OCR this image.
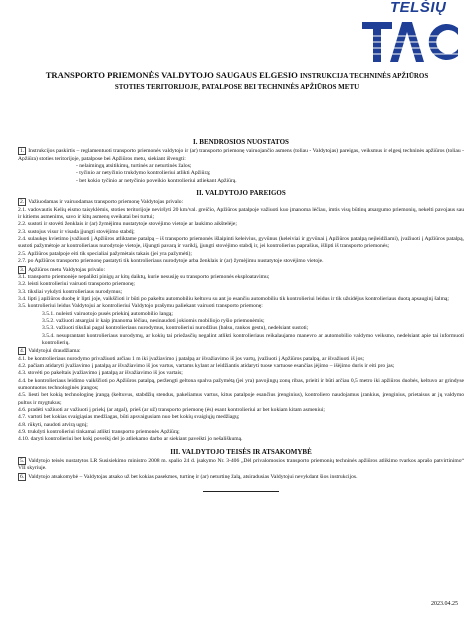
TELŠIŲ
TRANSPORTO PRIEMONĖS VALDYTOJO SAUGAUS ELGESIO INSTRUKCIJA TECHNINĖS APŽIŪROS
STOTIES TERITORIJOJE, PATALPOSE BEI TECHNINĖS APŽIŪROS METU
I. BENDROSIOS NUOSTATOS
1. Instrukcijos paskirtis – reglamentuoti transporto priemonės valdytojo ir (ar) transporto priemonę vairuojančio asmens (toliau - Valdytojas) pareigas, veiksmus ir elgesį techninės apžiūros (toliau - Apžiūra) stoties teritorijoje, patalpose bei Apžiūros metu, siekiant išvengti:
- nelaimingų atsitikimų, turtinės ar neturtinės žalos;
- tyčinio ar netyčinio trukdymo kontrolieriui atlikti Apžiūrą;
- bet kokio tyčinio ar netyčinio poveikio kontrolieriui atliekant Apžiūrą.
II. VALDYTOJO PAREIGOS
2. Važiuodamas ir vairuodamas transporto priemonę Valdytojas privalo:
2.1. vadovautis Kelių eismo taisyklėmis, stoties teritorijoje neviršyti 20 km/val. greičio, Apžiūros patalpoje važiuoti kuo įmanoma lėčiau, imtis visų būtinų atsargumo priemonių, nekelti pavojaus sau ir kitiems asmenims, savo ir kitų asmenų sveikatai bei turtui;
2.2. sustoti ir stovėti ženklais ir (ar) žymėjimu nustatytoje stovėjimo vietoje ar laukimo aikštelėje;
2.3. sustojus visur ir visada įjungti stovėjimo stabdį;
2.4. sulaukęs kvietimo įvažiuoti į Apžiūros atliktame patalpą – iš transporto priemonės išlaipinti keleivius, gyvūnus (keleiviai ir gyvūnai į Apžiūros patalpą neįleidžiami), įvažiuoti į Apžiūros patalpą, sustoti pažymėtoje ar kontrolieriaus nurodytoje vietoje, išjungti pavarą ir variklį, įjungti stovėjimo stabdį ir, jei kontrolierius paprašius, išlipti iš transporto priemonės;
2.5. Apžiūros patalpoje eiti tik specialiai pažymėtais takais (jei yra pažymėti);
2.7. po Apžiūros transporto priemonę pastatyti tik kontrolieriaus nurodytoje arba ženklais ir (ar) žymėjimu nustatytoje stovėjimo vietoje.
3. Apžiūros metu Valdytojas privalo:
3.1. transporto priemonėje nepalikti pinigų ar kitų daiktų, kurie nesusiję su transporto priemonės eksploatavimu;
3.2. leisti kontrolieriui vairuoti transporto priemonę;
3.3. tiksliai vykdyti kontrolieriaus nurodymus;
3.4. lipti į apžiūros duobę ir lipti joje, vaikščioti ir būti po pakeltu automobiliu keltuvu su ant jo esančiu automobiliu tik kontrolieriui leidus ir tik užsidėjus kontrolieriaus duotą apsauginį šalmą;
3.5. kontrolieriui leidus Valdytojui ar kontrolieriui Valdytojo prašymu paliekant vairuoti transporto priemonę:
3.5.1. nuleisti vairuotojo pusės priekinį automobilio langą;
3.5.2. važiuoti atsargiai ir kaip įmanoma lėčiau, nesinaudoti jokiomis mobiliojo ryšio priemonėmis;
3.5.3. važiuoti tiksliai pagal kontrolieriaus nurodymus, kontrolieriui nurodžius (balsu, rankos gestu), nedelsiant sustoti;
3.5.4. nesuprantant kontrolieriaus nurodymų, ar kokių tai priežasčių negalint atlikti kontrolieriaus reikalaujamo manevro ar automobilio valdymo veiksmo, nedelsiant apie tai informuoti kontrolierių.
4. Valdytojui draudžiama:
4.1. be kontrolieriaus nurodymo privažiuoti arčiau 1 m iki įvažiavimo į patalpą ar išvažiavimo iš jos vartų, įvažiuoti į Apžiūros patalpą, ar išvažiuoti iš jos;
4.2. pačiam atidaryti įvažiavimo į patalpą ar išvažiavimo iš jos vartus, vartams kylant ar leidžiantis atidaryti tuose vartuose esančias įėjimo – išėjimo duris ir eiti pro jas;
4.3. stovėti po pakeltais įvažiavimo į patalpą ar išvažiavimo iš jos vartais;
4.4. be kontrolieriaus leidimo vaikščioti po Apžiūros patalpą, peržengti geltona spalva pažymėtą (jei yra) pavojingų zonų ribas, prieiti ir būti arčiau 0,5 metro iki apžiūros duobės, keltuvo ar grindyse sumontuotos technologinės įrangos;
4.5. liesti bet kokią technologinę įrangą (keltuvus, stabdžių stendus, pakeliamus vartus, kitus patalpoje esančius įrenginius), kontroliero naudojamus įrankius, įrenginius, prietaisus ar jų valdymo pultus ir mygtukus;
4.6. pradėti važiuoti ar važiuoti į priekį (ar atgal), prieš (ar už) transporto priemonę (ės) esant kontrolieriui ar bet kokiam kitam asmeniui;
4.7. vartoti bet kokias svaigiąsias medžiagas, būti apsvaigusiam nuo bet kokių svaigiųjų medžiagų;
4.8. rūkyti, naudoti atvirą ugnį;
4.9. trukdyti kontrolieriui tinkamai atlikti transporto priemonės Apžiūrą;
4.10. daryti kontrolieriui bet kokį poveikį del jo atliekamo darbo ar siekiant paveikti jo nešališkumą.
III. VALDYTOJO TEISĖS IR ATSAKOMYBĖ
5. Valdytojo teisės nustatytos LR Susisiekimo ministro 2008 m. spalio 24 d. įsakymo Nr. 3-406 „Dėl privalomosios transporto priemonių techninės apžiūros atlikimo tvarkos aprašo patvirtinimo“ VII skyriuje.
6. Valdytojo atsakomybė – Valdytojas atsako už bet kokias pasekmes, turtinę ir (ar) neturtinę žalą, atsiradusias Valdytojui nevykdant šios instrukcijos.
2023.04.25
